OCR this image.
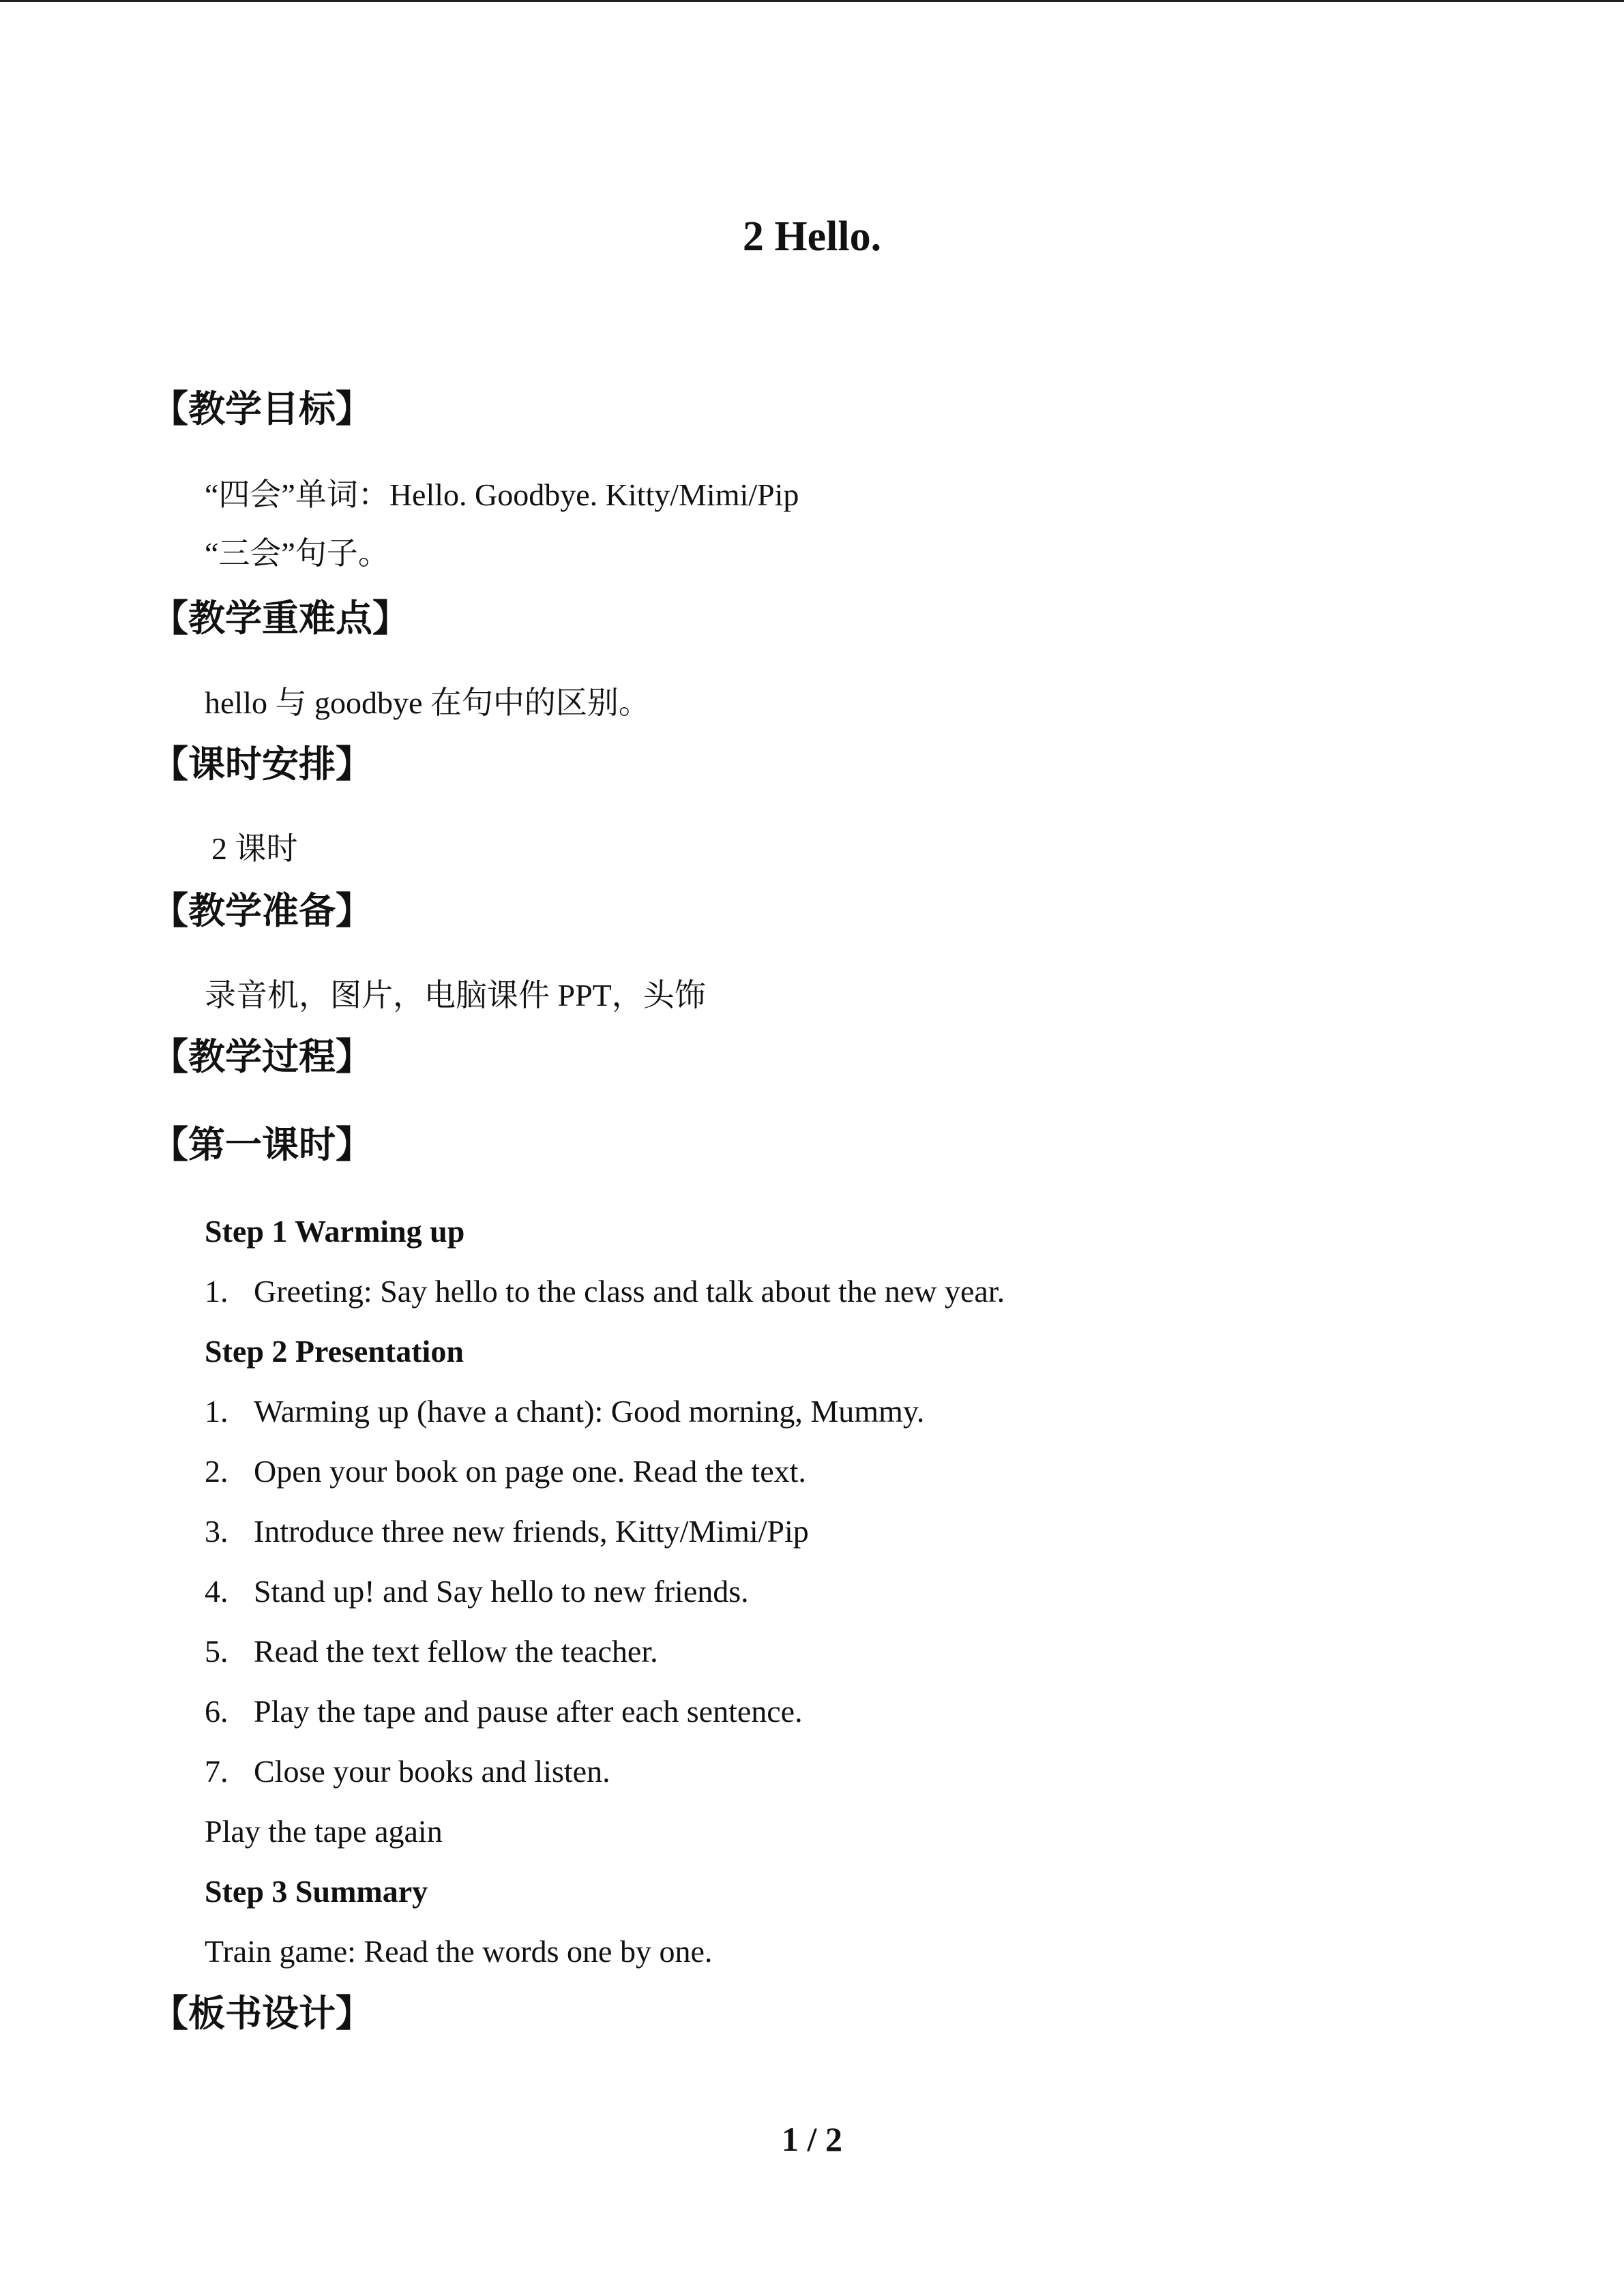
2 Hello.
【教学目标】
“四会”单词：Hello. Goodbye. Kitty/Mimi/Pip
“三会”句子。
【教学重难点】
hello 与 goodbye 在句中的区别。
【课时安排】
2 课时
【教学准备】
录音机，图片，电脑课件 PPT，头饰
【教学过程】
【第一课时】
Step 1 Warming up
1. Greeting: Say hello to the class and talk about the new year.
Step 2 Presentation
1. Warming up (have a chant): Good morning, Mummy.
2. Open your book on page one. Read the text.
3. Introduce three new friends, Kitty/Mimi/Pip
4. Stand up! and Say hello to new friends.
5. Read the text fellow the teacher.
6. Play the tape and pause after each sentence.
7. Close your books and listen.
Play the tape again
Step 3 Summary
Train game: Read the words one by one.
【板书设计】
1 / 2
